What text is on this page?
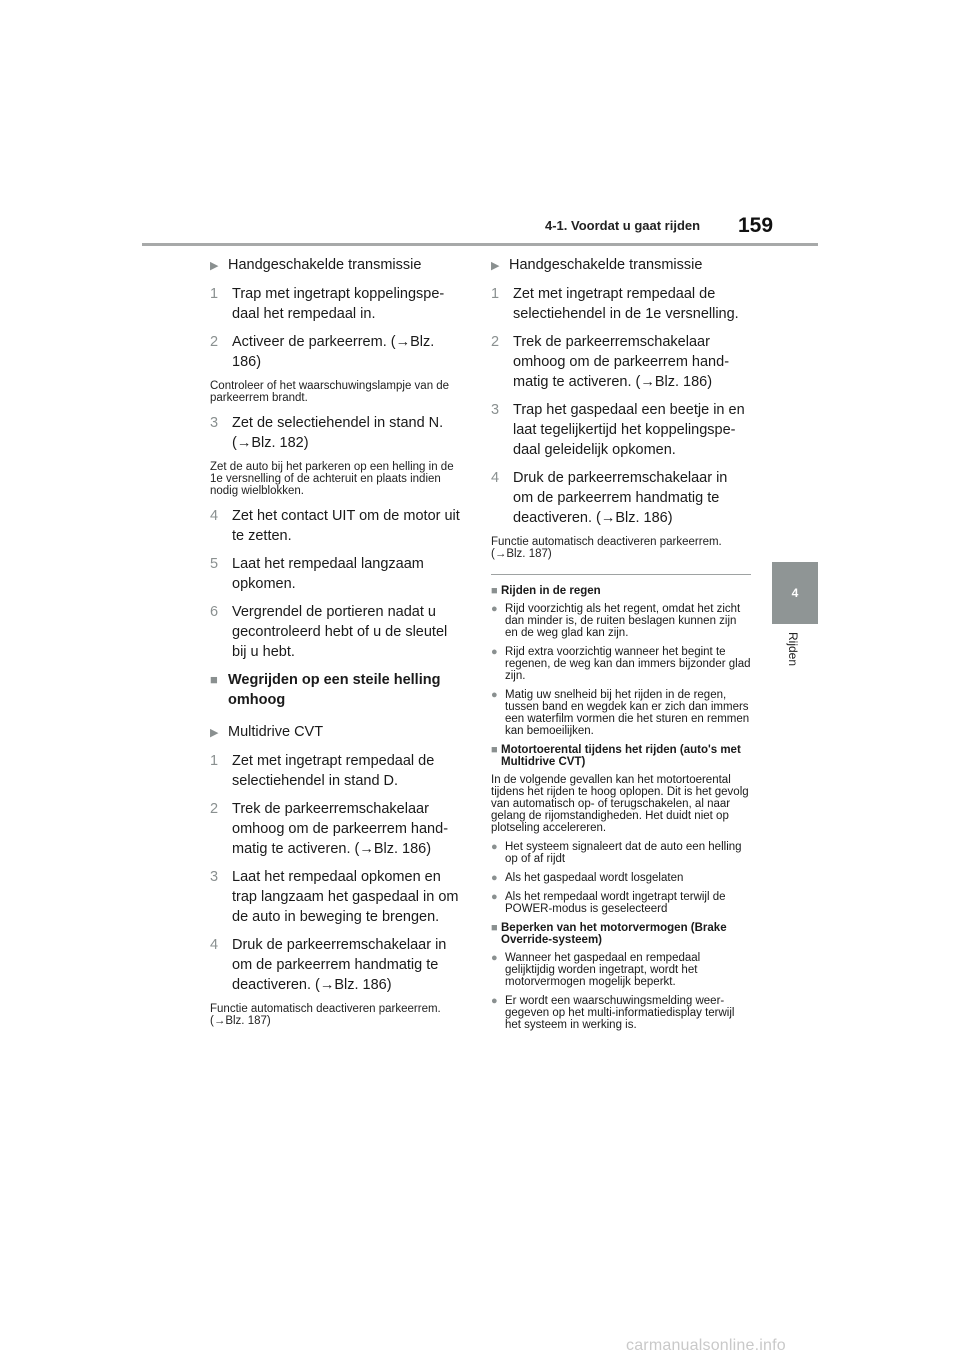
4-1. Voordat u gaat rijden 159
4
Rijden
▶ Handgeschakelde transmissie
1 Trap met ingetrapt koppelingspedaal het rempedaal in.
2 Activeer de parkeerrem. (→Blz. 186)
Controleer of het waarschuwingslampje van de parkeerrem brandt.
3 Zet de selectiehendel in stand N. (→Blz. 182)
Zet de auto bij het parkeren op een helling in de 1e versnelling of de achteruit en plaats indien nodig wielblokken.
4 Zet het contact UIT om de motor uit te zetten.
5 Laat het rempedaal langzaam opkomen.
6 Vergrendel de portieren nadat u gecontroleerd hebt of u de sleutel bij u hebt.
■ Wegrijden op een steile helling omhoog
▶ Multidrive CVT
1 Zet met ingetrapt rempedaal de selectiehendel in stand D.
2 Trek de parkeerremschakelaar omhoog om de parkeerrem handmatig te activeren. (→Blz. 186)
3 Laat het rempedaal opkomen en trap langzaam het gaspedaal in om de auto in beweging te brengen.
4 Druk de parkeerremschakelaar in om de parkeerrem handmatig te deactiveren. (→Blz. 186)
Functie automatisch deactiveren parkeerrem. (→Blz. 187)
▶ Handgeschakelde transmissie
1 Zet met ingetrapt rempedaal de selectiehendel in de 1e versnelling.
2 Trek de parkeerremschakelaar omhoog om de parkeerrem handmatig te activeren. (→Blz. 186)
3 Trap het gaspedaal een beetje in en laat tegelijkertijd het koppelingspedaal geleidelijk opkomen.
4 Druk de parkeerremschakelaar in om de parkeerrem handmatig te deactiveren. (→Blz. 186)
Functie automatisch deactiveren parkeerrem. (→Blz. 187)
■ Rijden in de regen
● Rijd voorzichtig als het regent, omdat het zicht dan minder is, de ruiten beslagen kunnen zijn en de weg glad kan zijn.
● Rijd extra voorzichtig wanneer het begint te regenen, de weg kan dan immers bijzonder glad zijn.
● Matig uw snelheid bij het rijden in de regen, tussen band en wegdek kan er zich dan immers een waterfilm vormen die het sturen en remmen kan bemoeilijken.
■ Motortoerental tijdens het rijden (auto's met Multidrive CVT)
In de volgende gevallen kan het motortoerental tijdens het rijden te hoog oplopen. Dit is het gevolg van automatisch op- of terugschakelen, al naar gelang de rijomstandigheden. Het duidt niet op plotseling accelereren.
● Het systeem signaleert dat de auto een helling op of af rijdt
● Als het gaspedaal wordt losgelaten
● Als het rempedaal wordt ingetrapt terwijl de POWER-modus is geselecteerd
■ Beperken van het motorvermogen (Brake Override-systeem)
● Wanneer het gaspedaal en rempedaal gelijktijdig worden ingetrapt, wordt het motorvermogen mogelijk beperkt.
● Er wordt een waarschuwingsmelding weergegeven op het multi-informatiedisplay terwijl het systeem in werking is.
carmanualsonline.info
